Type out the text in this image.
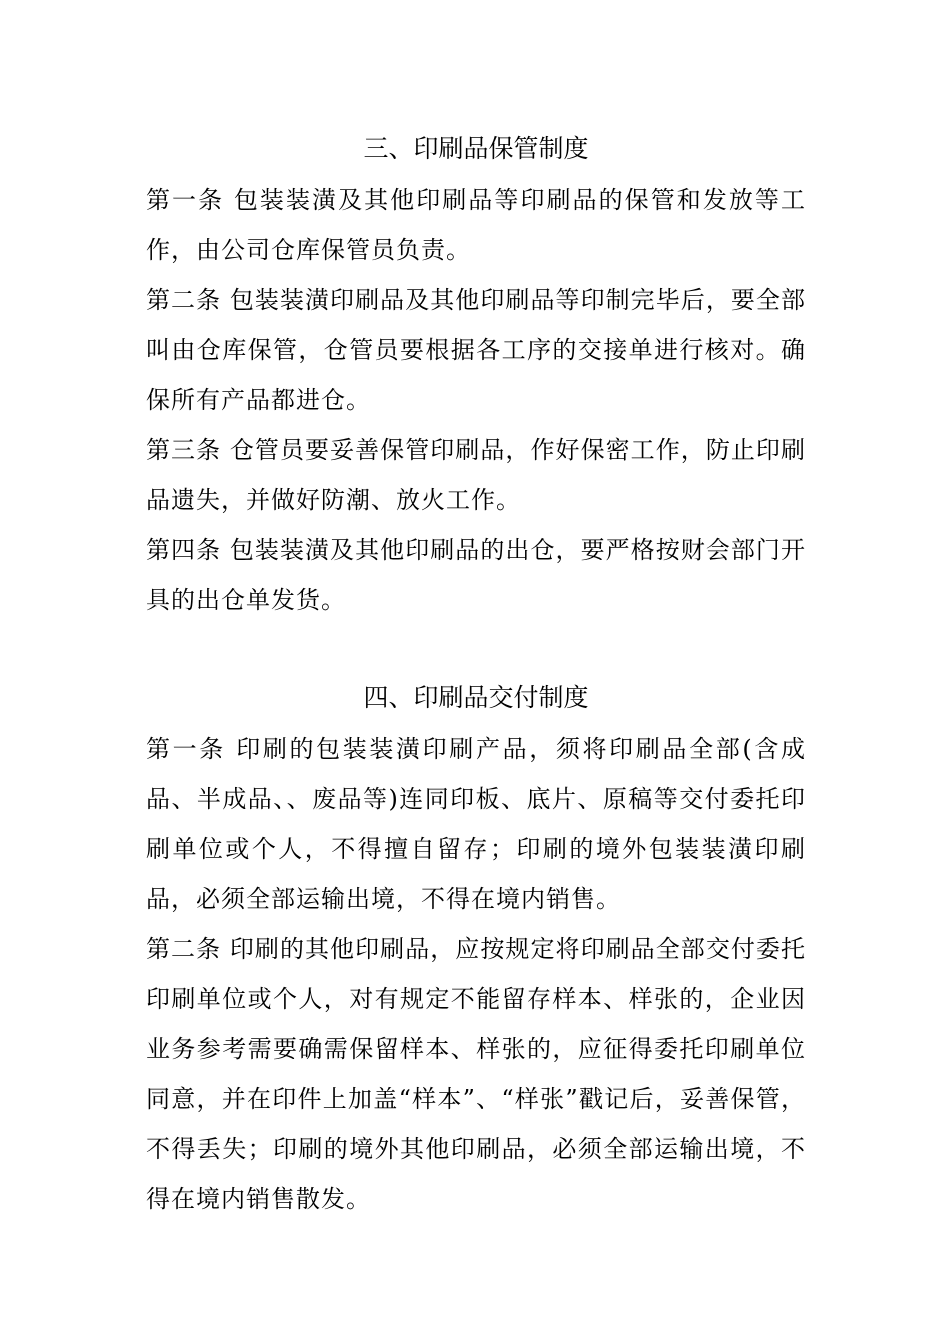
三、印刷品保管制度

第一条 包装装潢及其他印刷品等印刷品的保管和发放等工作，由公司仓库保管员负责。

第二条 包装装潢印刷品及其他印刷品等印制完毕后，要全部叫由仓库保管，仓管员要根据各工序的交接单进行核对。确保所有产品都进仓。

第三条 仓管员要妥善保管印刷品，作好保密工作，防止印刷品遗失，并做好防潮、放火工作。

第四条 包装装潢及其他印刷品的出仓，要严格按财会部门开具的出仓单发货。

四、印刷品交付制度

第一条 印刷的包装装潢印刷产品，须将印刷品全部(含成品、半成品、、废品等)连同印板、底片、原稿等交付委托印刷单位或个人，不得擅自留存；印刷的境外包装装潢印刷品，必须全部运输出境，不得在境内销售。

第二条 印刷的其他印刷品，应按规定将印刷品全部交付委托印刷单位或个人，对有规定不能留存样本、样张的，企业因业务参考需要确需保留样本、样张的，应征得委托印刷单位同意，并在印件上加盖“样本”、“样张”戳记后，妥善保管，不得丢失；印刷的境外其他印刷品，必须全部运输出境，不得在境内销售散发。
